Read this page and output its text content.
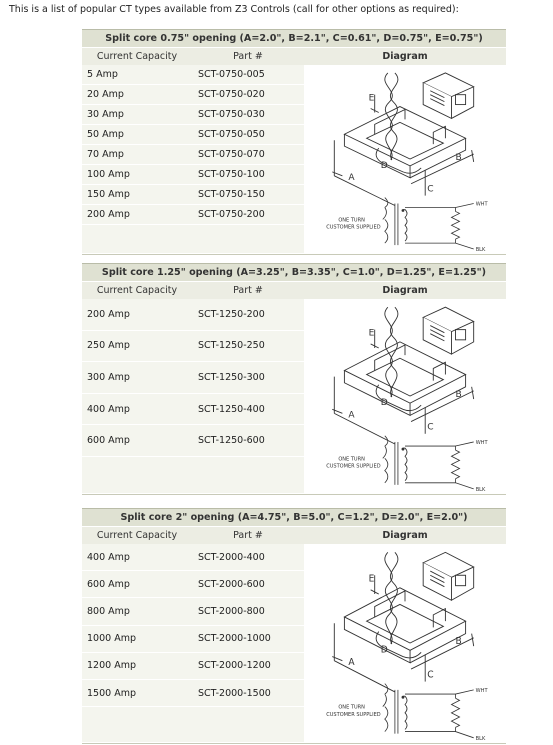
This is a list of popular CT types available from Z3 Controls (call for other options as required):
Split core 0.75" opening (A=2.0", B=2.1", C=0.61", D=0.75", E=0.75")
Current Capacity	Part #	Diagram
5 Amp	SCT-0750-005
20 Amp	SCT-0750-020
30 Amp	SCT-0750-030
50 Amp	SCT-0750-050
70 Amp	SCT-0750-070
100 Amp	SCT-0750-100
150 Amp	SCT-0750-150
200 Amp	SCT-0750-200
E
A
D
B
C
ONE TURN
CUSTOMER SUPPLIED
WHT
BLK
Split core 1.25" opening (A=3.25", B=3.35", C=1.0", D=1.25", E=1.25")
Current Capacity	Part #	Diagram
200 Amp	SCT-1250-200
250 Amp	SCT-1250-250
300 Amp	SCT-1250-300
400 Amp	SCT-1250-400
600 Amp	SCT-1250-600
E
A
D
B
C
ONE TURN
CUSTOMER SUPPLIED
WHT
BLK
Split core 2" opening (A=4.75", B=5.0", C=1.2", D=2.0", E=2.0")
Current Capacity	Part #	Diagram
400 Amp	SCT-2000-400
600 Amp	SCT-2000-600
800 Amp	SCT-2000-800
1000 Amp	SCT-2000-1000
1200 Amp	SCT-2000-1200
1500 Amp	SCT-2000-1500
E
A
D
B
C
ONE TURN
CUSTOMER SUPPLIED
WHT
BLK
